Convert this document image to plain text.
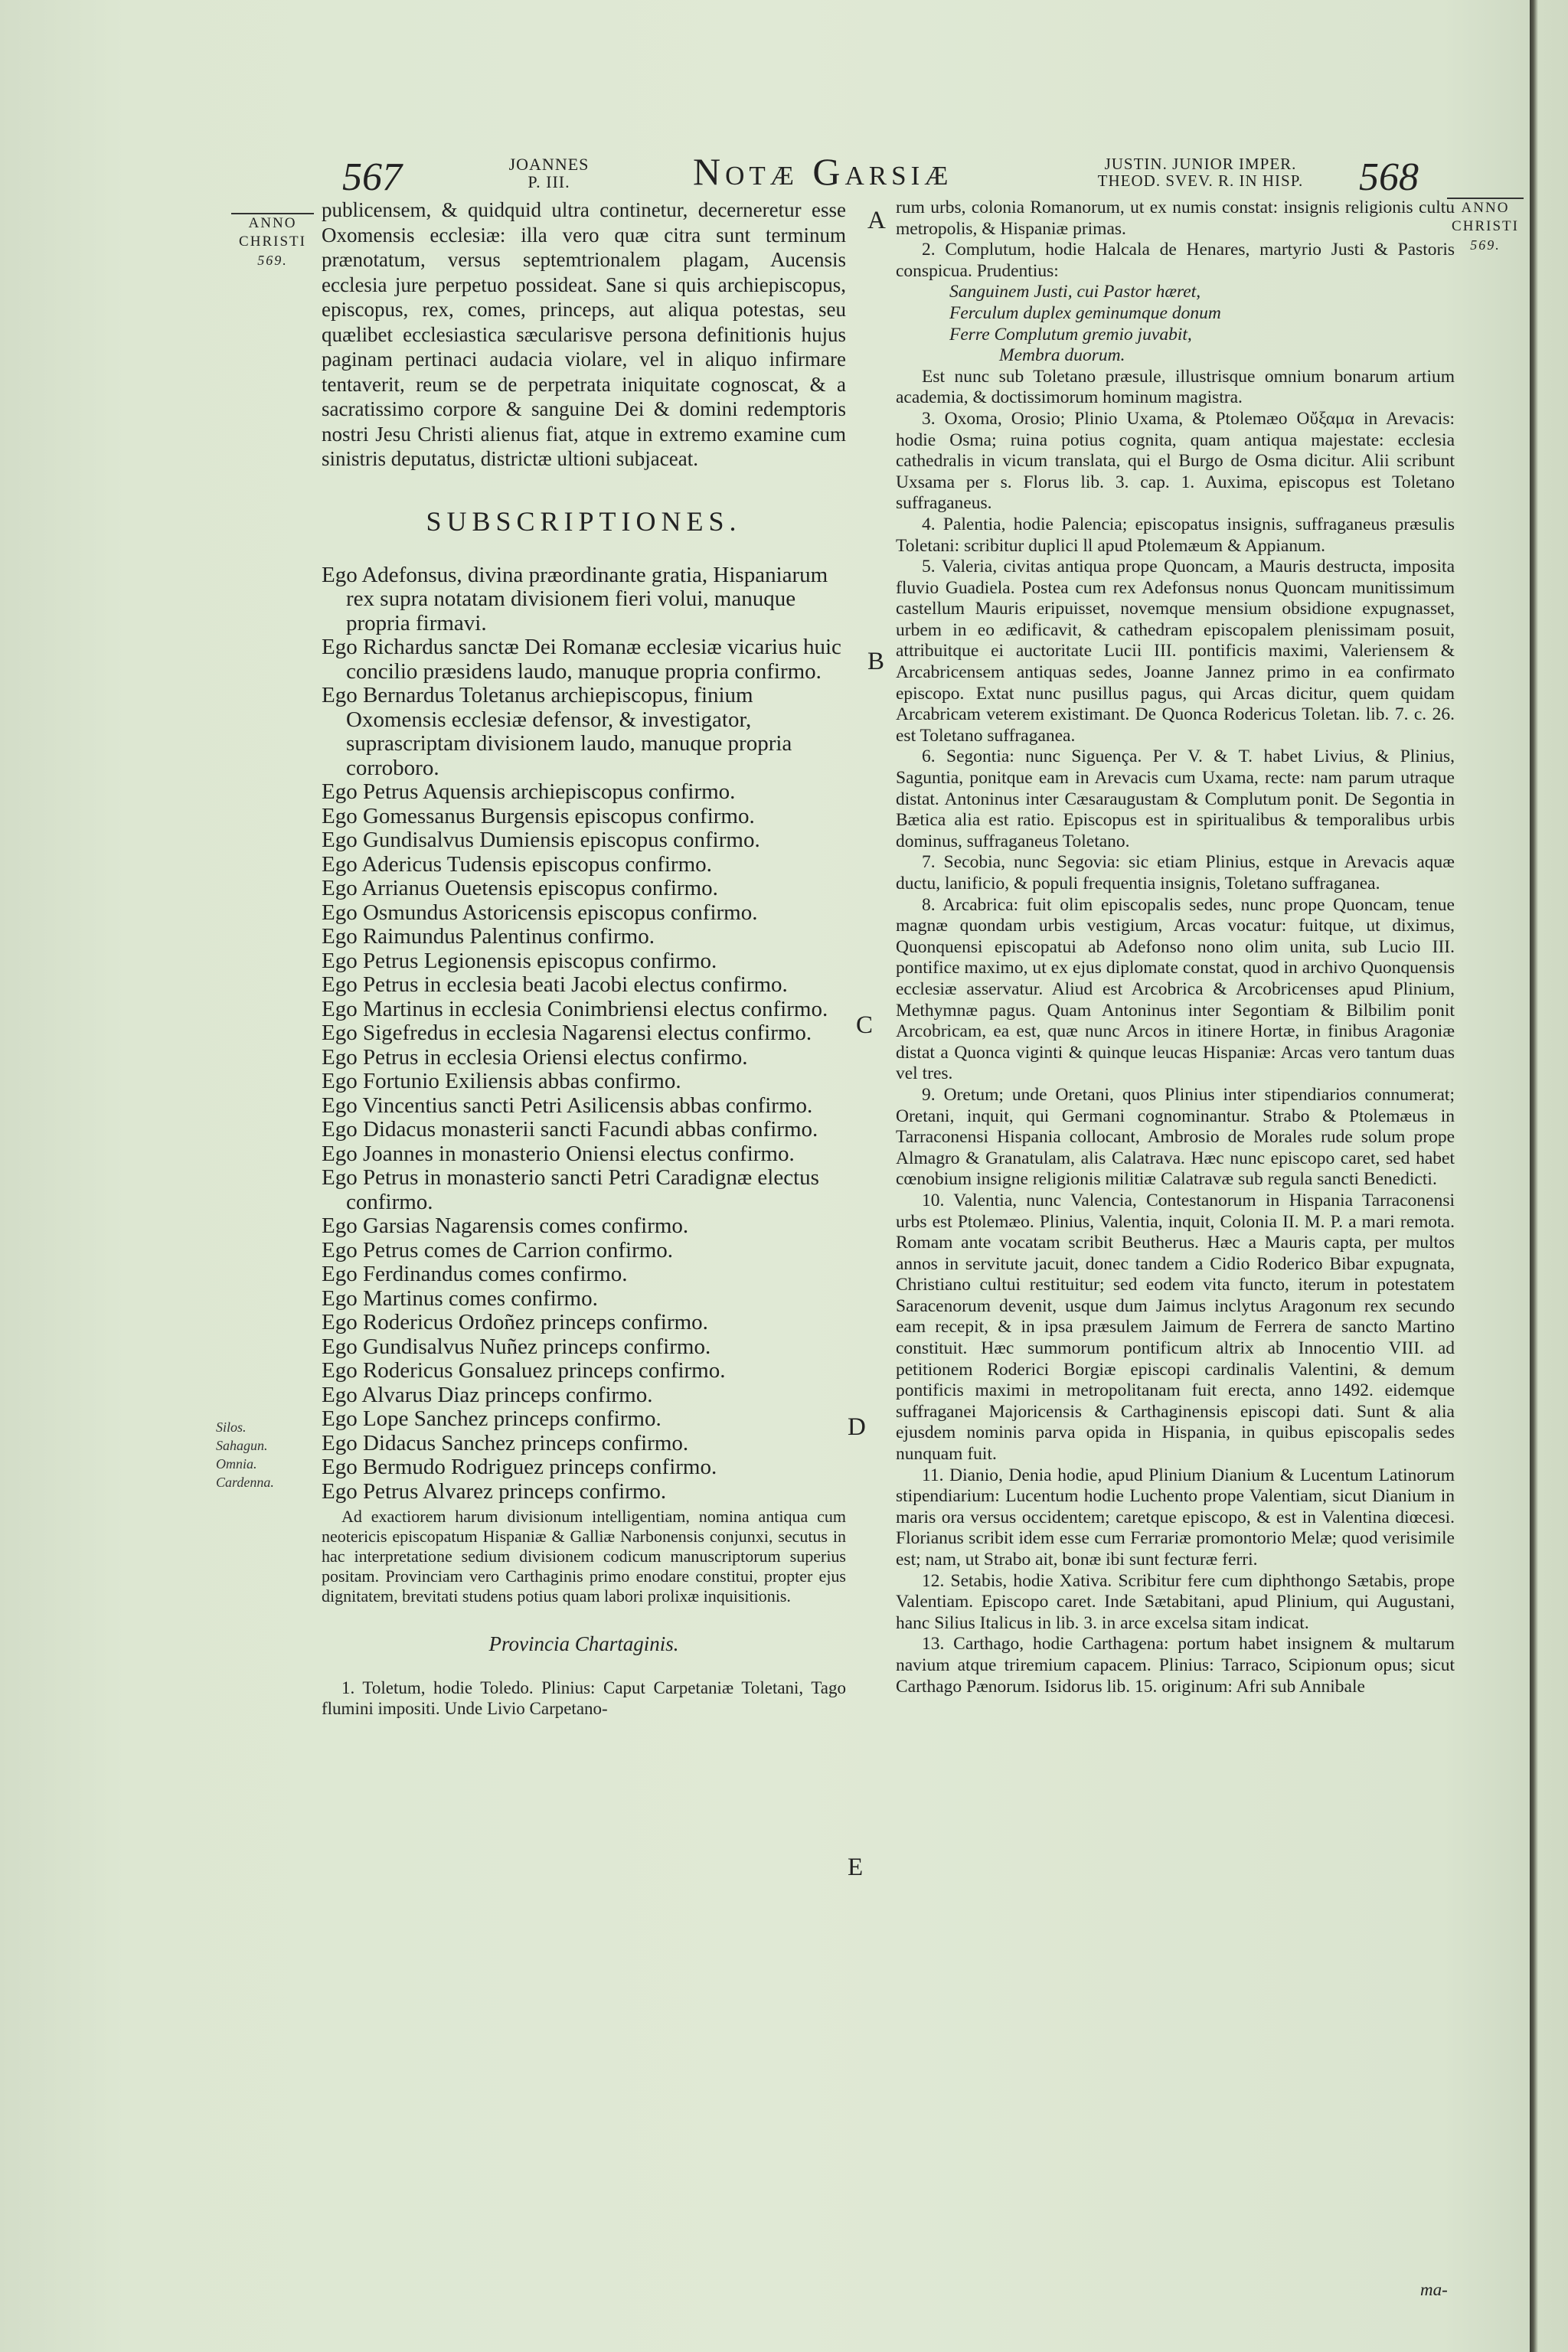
567	JOANNES
P. III.	Notæ Garsiæ	JUSTIN. JUNIOR IMPER.
THEOD. SVEV. R. IN HISP.	568
ANNO
CHRISTI
569.
ANNO
CHRISTI
569.
Silos.
Sahagun.
Omnia.
Cardenna.
A
B
C
D
E

publicensem, & quidquid ultra continetur, decerneretur esse Oxomensis ecclesiæ: illa vero quæ citra sunt terminum prænotatum, versus septemtrionalem plagam, Aucensis ecclesia jure perpetuo possideat. Sane si quis archiepiscopus, episcopus, rex, comes, princeps, aut aliqua potestas, seu quælibet ecclesiastica sæcularisve persona definitionis hujus paginam pertinaci audacia violare, vel in aliquo infirmare tentaverit, reum se de perpetrata iniquitate cognoscat, & a sacratissimo corpore & sanguine Dei & domini redemptoris nostri Jesu Christi alienus fiat, atque in extremo examine cum sinistris deputatus, districtæ ultioni subjaceat.

SUBSCRIPTIONES.

Ego Adefonsus, divina præordinante gratia, Hispaniarum rex supra notatam divisionem fieri volui, manuque propria firmavi.

Ego Richardus sanctæ Dei Romanæ ecclesiæ vicarius huic concilio præsidens laudo, manuque propria confirmo.

Ego Bernardus Toletanus archiepiscopus, finium Oxomensis ecclesiæ defensor, & investigator, suprascriptam divisionem laudo, manuque propria corroboro.

Ego Petrus Aquensis archiepiscopus confirmo.

Ego Gomessanus Burgensis episcopus confirmo.

Ego Gundisalvus Dumiensis episcopus confirmo.

Ego Adericus Tudensis episcopus confirmo.

Ego Arrianus Ouetensis episcopus confirmo.

Ego Osmundus Astoricensis episcopus confirmo.

Ego Raimundus Palentinus confirmo.

Ego Petrus Legionensis episcopus confirmo.

Ego Petrus in ecclesia beati Jacobi electus confirmo.

Ego Martinus in ecclesia Conimbriensi electus confirmo.

Ego Sigefredus in ecclesia Nagarensi electus confirmo.

Ego Petrus in ecclesia Oriensi electus confirmo.

Ego Fortunio Exiliensis abbas confirmo.

Ego Vincentius sancti Petri Asilicensis abbas confirmo.

Ego Didacus monasterii sancti Facundi abbas confirmo.

Ego Joannes in monasterio Oniensi electus confirmo.

Ego Petrus in monasterio sancti Petri Caradignæ electus confirmo.

Ego Garsias Nagarensis comes confirmo.

Ego Petrus comes de Carrion confirmo.

Ego Ferdinandus comes confirmo.

Ego Martinus comes confirmo.

Ego Rodericus Ordoñez princeps confirmo.

Ego Gundisalvus Nuñez princeps confirmo.

Ego Rodericus Gonsaluez princeps confirmo.

Ego Alvarus Diaz princeps confirmo.

Ego Lope Sanchez princeps confirmo.

Ego Didacus Sanchez princeps confirmo.

Ego Bermudo Rodriguez princeps confirmo.

Ego Petrus Alvarez princeps confirmo.

Ad exactiorem harum divisionum intelligentiam, nomina antiqua cum neotericis episcopatum Hispaniæ & Galliæ Narbonensis conjunxi, secutus in hac interpretatione sedium divisionem codicum manuscriptorum superius positam. Provinciam vero Carthaginis primo enodare constitui, propter ejus dignitatem, brevitati studens potius quam labori prolixæ inquisitionis.

Provincia Chartaginis.

1. Toletum, hodie Toledo. Plinius: Caput Carpetaniæ Toletani, Tago flumini impositi. Unde Livio Carpetano-

rum urbs, colonia Romanorum, ut ex numis constat: insignis religionis cultu metropolis, & Hispaniæ primas.

2. Complutum, hodie Halcala de Henares, martyrio Justi & Pastoris conspicua. Prudentius:

Sanguinem Justi, cui Pastor hæret,

Ferculum duplex geminumque donum

Ferre Complutum gremio juvabit,

Membra duorum.

Est nunc sub Toletano præsule, illustrisque omnium bonarum artium academia, & doctissimorum hominum magistra.

3. Oxoma, Orosio; Plinio Uxama, & Ptolemæo Οὔξαμα in Arevacis: hodie Osma; ruina potius cognita, quam antiqua majestate: ecclesia cathedralis in vicum translata, qui el Burgo de Osma dicitur. Alii scribunt Uxsama per s. Florus lib. 3. cap. 1. Auxima, episcopus est Toletano suffraganeus.

4. Palentia, hodie Palencia; episcopatus insignis, suffraganeus præsulis Toletani: scribitur duplici ll apud Ptolemæum & Appianum.

5. Valeria, civitas antiqua prope Quoncam, a Mauris destructa, imposita fluvio Guadiela. Postea cum rex Adefonsus nonus Quoncam munitissimum castellum Mauris eripuisset, novemque mensium obsidione expugnasset, urbem in eo ædificavit, & cathedram episcopalem plenissimam posuit, attribuitque ei auctoritate Lucii III. pontificis maximi, Valeriensem & Arcabricensem antiquas sedes, Joanne Jannez primo in ea confirmato episcopo. Extat nunc pusillus pagus, qui Arcas dicitur, quem quidam Arcabricam veterem existimant. De Quonca Rodericus Toletan. lib. 7. c. 26. est Toletano suffraganea.

6. Segontia: nunc Siguença. Per V. & T. habet Livius, & Plinius, Saguntia, ponitque eam in Arevacis cum Uxama, recte: nam parum utraque distat. Antoninus inter Cæsaraugustam & Complutum ponit. De Segontia in Bætica alia est ratio. Episcopus est in spiritualibus & temporalibus urbis dominus, suffraganeus Toletano.

7. Secobia, nunc Segovia: sic etiam Plinius, estque in Arevacis aquæ ductu, lanificio, & populi frequentia insignis, Toletano suffraganea.

8. Arcabrica: fuit olim episcopalis sedes, nunc prope Quoncam, tenue magnæ quondam urbis vestigium, Arcas vocatur: fuitque, ut diximus, Quonquensi episcopatui ab Adefonso nono olim unita, sub Lucio III. pontifice maximo, ut ex ejus diplomate constat, quod in archivo Quonquensis ecclesiæ asservatur. Aliud est Arcobrica & Arcobricenses apud Plinium, Methymnæ pagus. Quam Antoninus inter Segontiam & Bilbilim ponit Arcobricam, ea est, quæ nunc Arcos in itinere Hortæ, in finibus Aragoniæ distat a Quonca viginti & quinque leucas Hispaniæ: Arcas vero tantum duas vel tres.

9. Oretum; unde Oretani, quos Plinius inter stipendiarios connumerat; Oretani, inquit, qui Germani cognominantur. Strabo & Ptolemæus in Tarraconensi Hispania collocant, Ambrosio de Morales rude solum prope Almagro & Granatulam, alis Calatrava. Hæc nunc episcopo caret, sed habet cœnobium insigne religionis militiæ Calatravæ sub regula sancti Benedicti.

10. Valentia, nunc Valencia, Contestanorum in Hispania Tarraconensi urbs est Ptolemæo. Plinius, Valentia, inquit, Colonia II. M. P. a mari remota. Romam ante vocatam scribit Beutherus. Hæc a Mauris capta, per multos annos in servitute jacuit, donec tandem a Cidio Roderico Bibar expugnata, Christiano cultui restituitur; sed eodem vita functo, iterum in potestatem Saracenorum devenit, usque dum Jaimus inclytus Aragonum rex secundo eam recepit, & in ipsa præsulem Jaimum de Ferrera de sancto Martino constituit. Hæc summorum pontificum altrix ab Innocentio VIII. ad petitionem Roderici Borgiæ episcopi cardinalis Valentini, & demum pontificis maximi in metropolitanam fuit erecta, anno 1492. eidemque suffraganei Majoricensis & Carthaginensis episcopi dati. Sunt & alia ejusdem nominis parva opida in Hispania, in quibus episcopalis sedes nunquam fuit.

11. Dianio, Denia hodie, apud Plinium Dianium & Lucentum Latinorum stipendiarium: Lucentum hodie Luchento prope Valentiam, sicut Dianium in maris ora versus occidentem; caretque episcopo, & est in Valentina diœcesi. Florianus scribit idem esse cum Ferrariæ promontorio Melæ; quod verisimile est; nam, ut Strabo ait, bonæ ibi sunt fecturæ ferri.

12. Setabis, hodie Xativa. Scribitur fere cum diphthongo Sætabis, prope Valentiam. Episcopo caret. Inde Sætabitani, apud Plinium, qui Augustani, hanc Silius Italicus in lib. 3. in arce excelsa sitam indicat.

13. Carthago, hodie Carthagena: portum habet insignem & multarum navium atque triremium capacem. Plinius: Tarraco, Scipionum opus; sicut Carthago Pænorum. Isidorus lib. 15. originum: Afri sub Annibale

ma-
